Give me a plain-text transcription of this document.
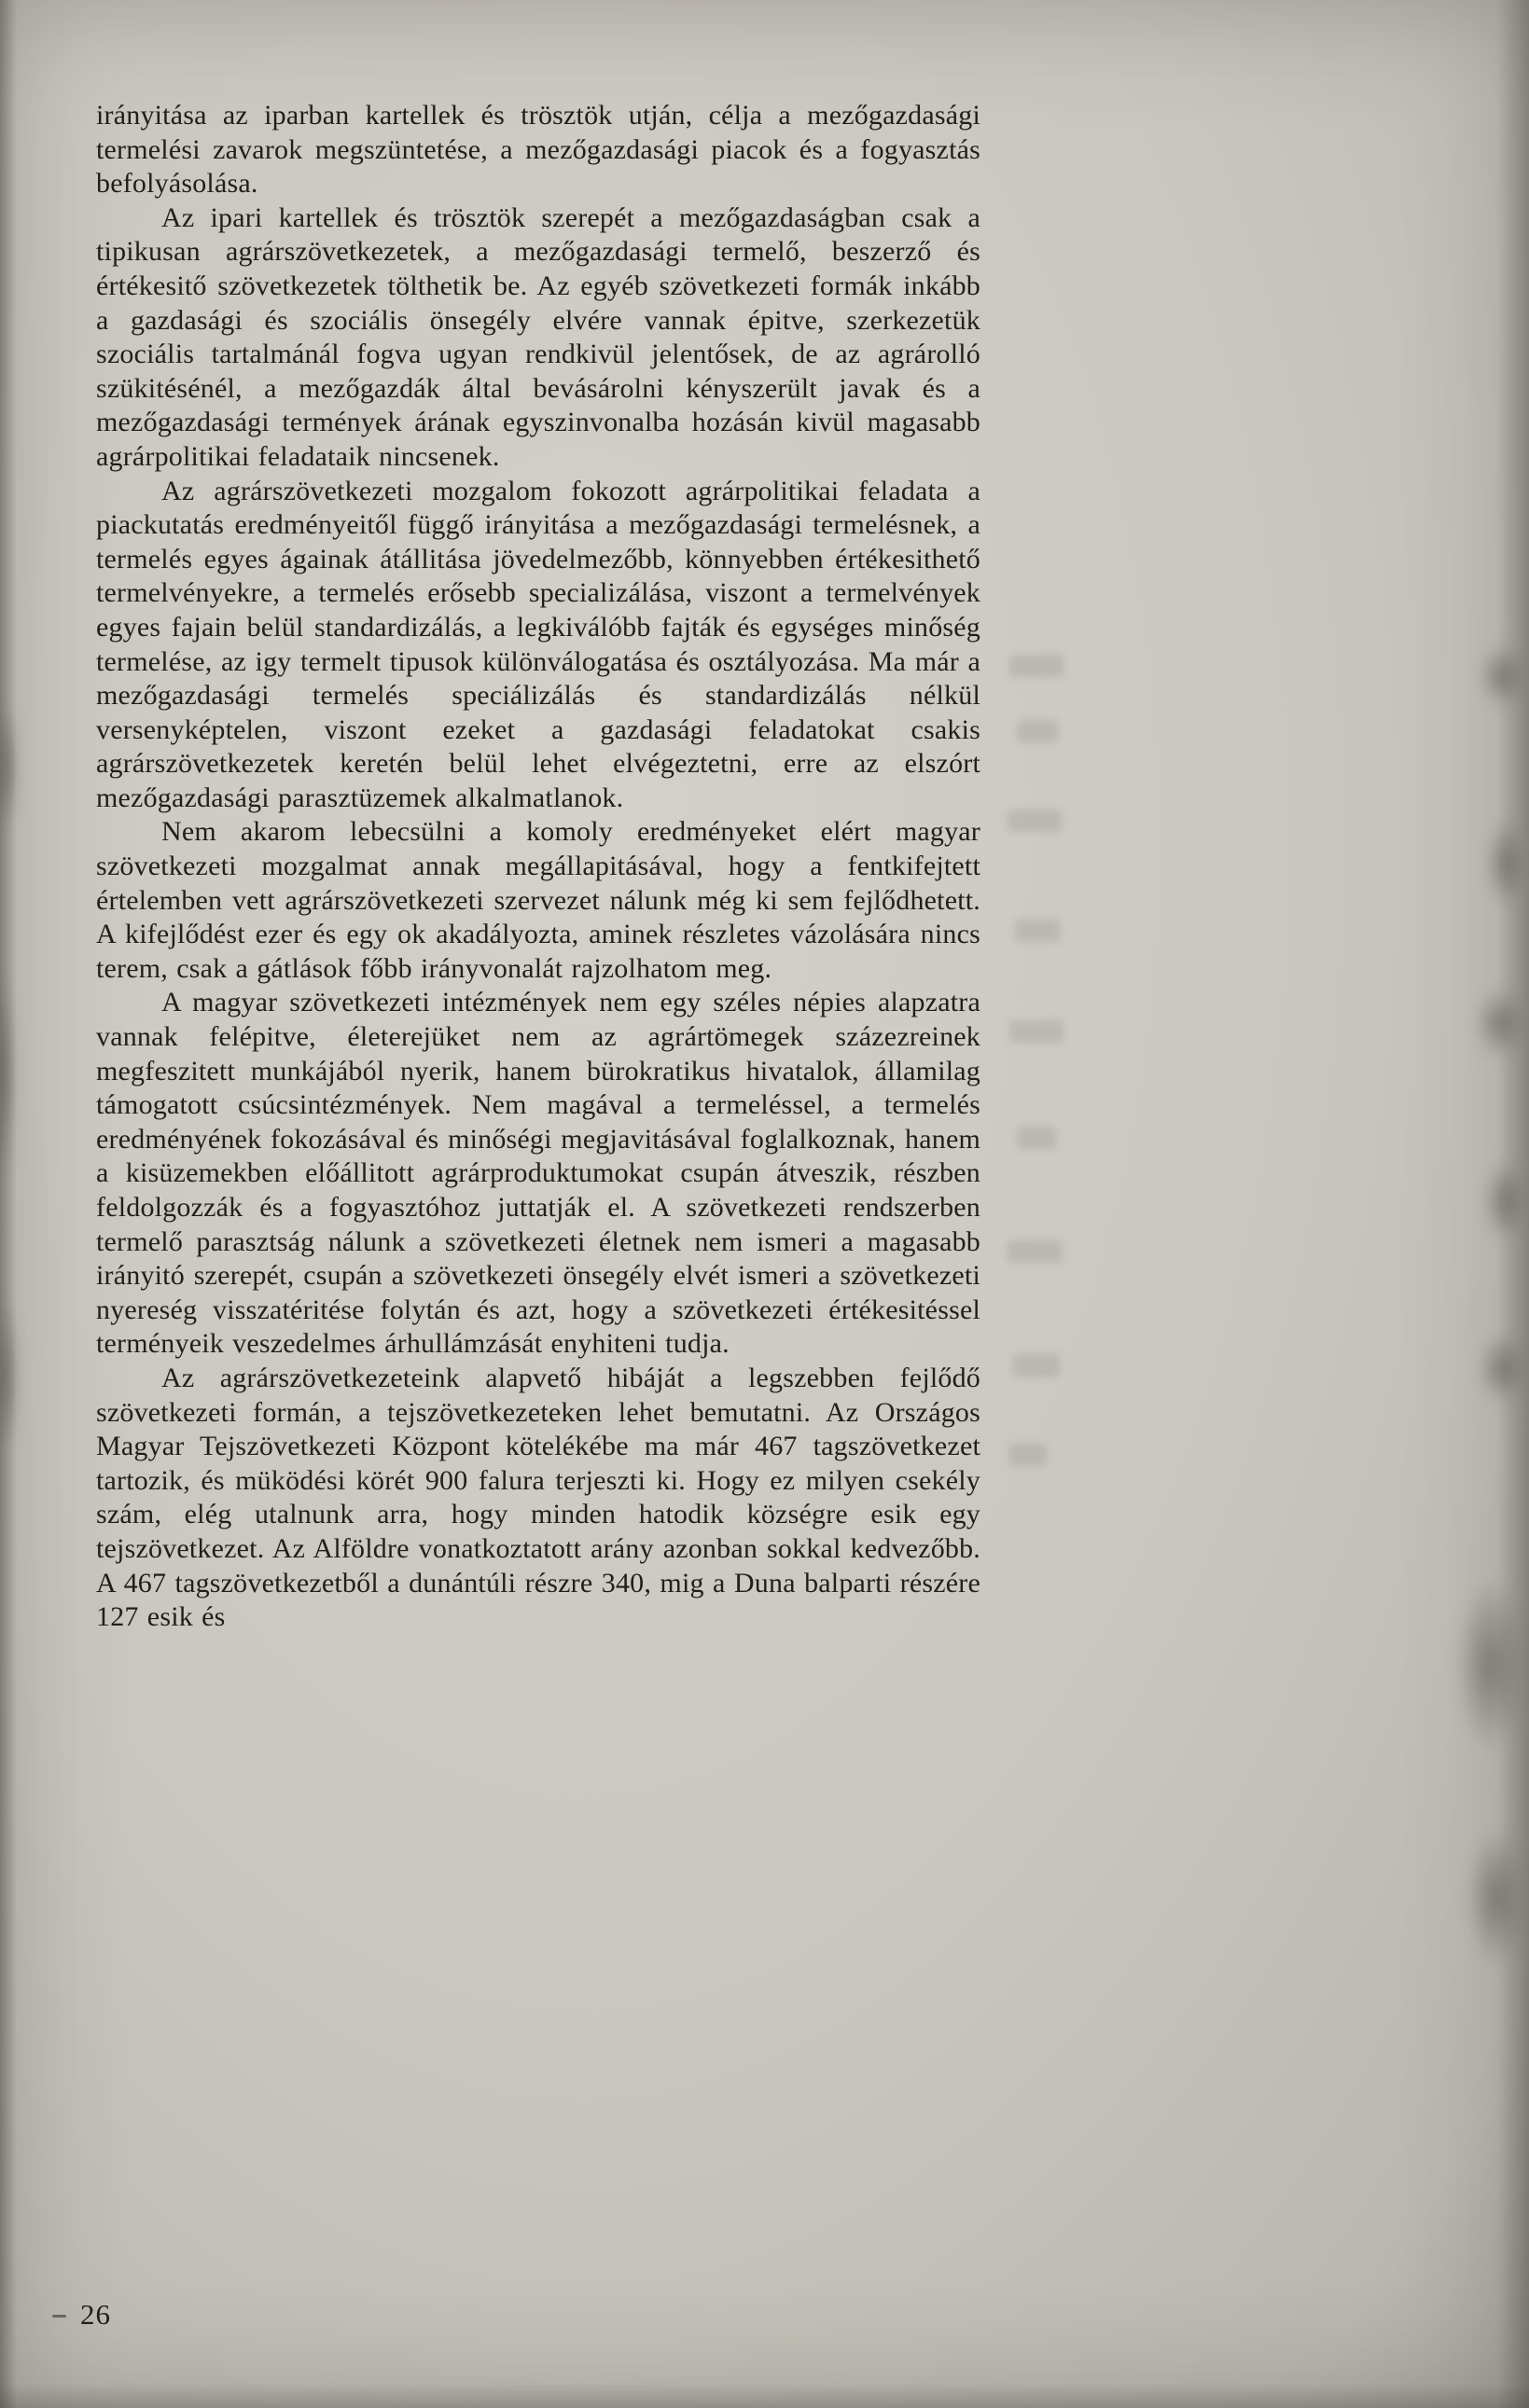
irányitása az iparban kartellek és trösztök utján, célja a mezőgazdasági termelési zavarok megszüntetése, a mezőgazdasági piacok és a fogyasztás befolyásolása.

Az ipari kartellek és trösztök szerepét a mezőgazdaságban csak a tipikusan agrárszövetkezetek, a mezőgazdasági termelő, beszerző és értékesitő szövetkezetek tölthetik be. Az egyéb szövetkezeti formák inkább a gazdasági és szociális önsegély elvére vannak épitve, szerkezetük szociális tartalmánál fogva ugyan rendkivül jelentősek, de az agrárolló szükitésénél, a mezőgazdák által bevásárolni kényszerült javak és a mezőgazdasági termények árának egyszinvonalba hozásán kivül magasabb agrárpolitikai feladataik nincsenek.

Az agrárszövetkezeti mozgalom fokozott agrárpolitikai feladata a piackutatás eredményeitől függő irányitása a mezőgazdasági termelésnek, a termelés egyes ágainak átállitása jövedelmezőbb, könnyebben értékesithető termelvényekre, a termelés erősebb specializálása, viszont a termelvények egyes fajain belül standardizálás, a legkiválóbb fajták és egységes minőség termelése, az igy termelt tipusok különválogatása és osztályozása. Ma már a mezőgazdasági termelés speciálizálás és standardizálás nélkül versenyképtelen, viszont ezeket a gazdasági feladatokat csakis agrárszövetkezetek keretén belül lehet elvégeztetni, erre az elszórt mezőgazdasági parasztüzemek alkalmatlanok.

Nem akarom lebecsülni a komoly eredményeket elért magyar szövetkezeti mozgalmat annak megállapitásával, hogy a fentkifejtett értelemben vett agrárszövetkezeti szervezet nálunk még ki sem fejlődhetett. A kifejlődést ezer és egy ok akadályozta, aminek részletes vázolására nincs terem, csak a gátlások főbb irányvonalát rajzolhatom meg.

A magyar szövetkezeti intézmények nem egy széles népies alapzatra vannak felépitve, életerejüket nem az agrártömegek százezreinek megfeszitett munkájából nyerik, hanem bürokratikus hivatalok, államilag támogatott csúcsintézmények. Nem magával a termeléssel, a termelés eredményének fokozásával és minőségi megjavitásával foglalkoznak, hanem a kisüzemekben előállitott agrárproduktumokat csupán átveszik, részben feldolgozzák és a fogyasztóhoz juttatják el. A szövetkezeti rendszerben termelő parasztság nálunk a szövetkezeti életnek nem ismeri a magasabb irányitó szerepét, csupán a szövetkezeti önsegély elvét ismeri a szövetkezeti nyereség visszatéritése folytán és azt, hogy a szövetkezeti értékesitéssel terményeik veszedelmes árhullámzását enyhiteni tudja.

Az agrárszövetkezeteink alapvető hibáját a legszebben fejlődő szövetkezeti formán, a tejszövetkezeteken lehet bemutatni. Az Országos Magyar Tejszövetkezeti Központ kötelékébe ma már 467 tagszövetkezet tartozik, és müködési körét 900 falura terjeszti ki. Hogy ez milyen csekély szám, elég utalnunk arra, hogy minden hatodik községre esik egy tejszövetkezet. Az Alföldre vonatkoztatott arány azonban sokkal kedvezőbb. A 467 tagszövetkezetből a dunántúli részre 340, mig a Duna balparti részére 127 esik és

26
